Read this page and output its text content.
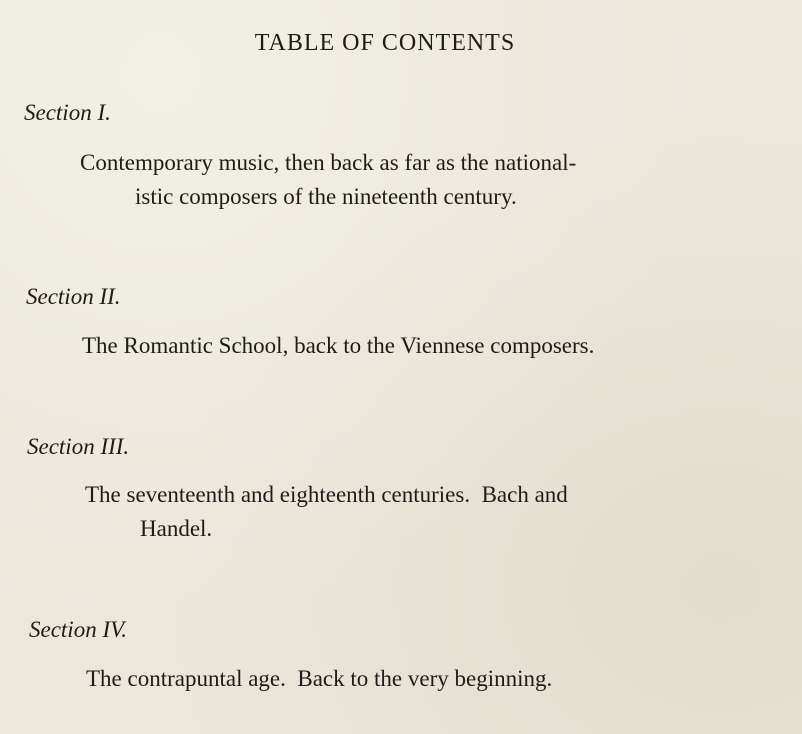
TABLE OF CONTENTS
Section I.
Contemporary music, then back as far as the national-
istic composers of the nineteenth century.
Section II.
The Romantic School, back to the Viennese composers.
Section III.
The seventeenth and eighteenth centuries.  Bach and
Handel.
Section IV.
The contrapuntal age.  Back to the very beginning.
